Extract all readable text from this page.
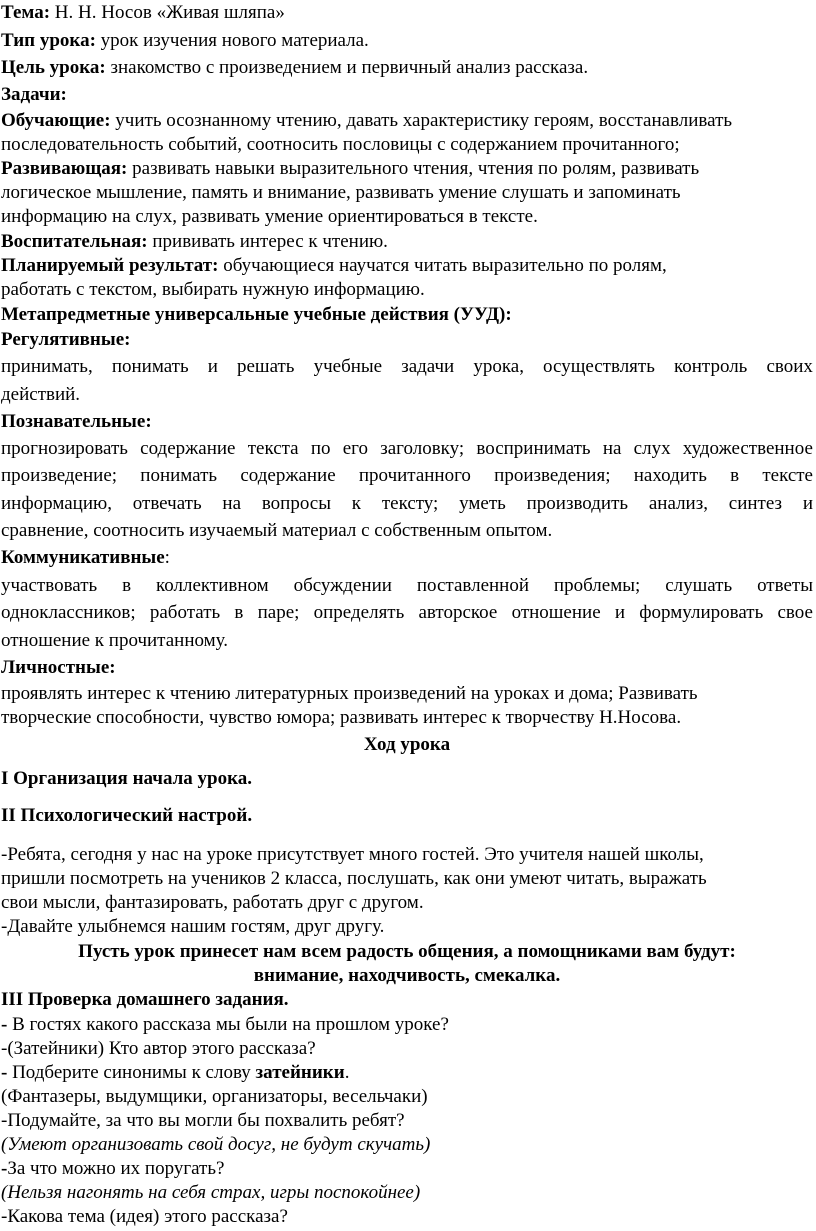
Тема: Н. Н. Носов «Живая шляпа»
Тип урока: урок изучения нового материала.
Цель урока: знакомство с произведением и первичный анализ рассказа.
Задачи:
Обучающие: учить осознанному чтению, давать характеристику героям, восстанавливать
последовательность событий, соотносить пословицы с содержанием прочитанного;
Развивающая: развивать навыки выразительного чтения, чтения по ролям, развивать
логическое мышление, память и внимание, развивать умение слушать и запоминать
информацию на слух, развивать умение ориентироваться в тексте.
Воспитательная: прививать интерес к чтению.
Планируемый результат: обучающиеся научатся читать выразительно по ролям,
работать с текстом, выбирать нужную информацию.
Метапредметные универсальные учебные действия (УУД):
Регулятивные:
принимать, понимать и решать учебные задачи урока, осуществлять контроль своих
действий.
Познавательные:
прогнозировать содержание текста по его заголовку; воспринимать на слух художественное
произведение; понимать содержание прочитанного произведения; находить в тексте
информацию, отвечать на вопросы к тексту; уметь производить анализ, синтез и
сравнение, соотносить изучаемый материал с собственным опытом.
Коммуникативные:
участвовать в коллективном обсуждении поставленной проблемы; слушать ответы
одноклассников; работать в паре; определять авторское отношение и формулировать свое
отношение к прочитанному.
Личностные:
проявлять интерес к чтению литературных произведений на уроках и дома; Развивать
творческие способности, чувство юмора; развивать интерес к творчеству Н.Носова.
Ход урока
I Организация начала урока.
II Психологический настрой.
-Ребята, сегодня у нас на уроке присутствует много гостей. Это учителя нашей школы,
пришли посмотреть на учеников 2 класса, послушать, как они умеют читать, выражать
свои мысли, фантазировать, работать друг с другом.
-Давайте улыбнемся нашим гостям, друг другу.
Пусть урок принесет нам всем радость общения, а помощниками вам будут:
внимание, находчивость, смекалка.
III Проверка домашнего задания.
- В гостях какого рассказа мы были на прошлом уроке?
-(Затейники) Кто автор этого рассказа?
- Подберите синонимы к слову затейники.
(Фантазеры, выдумщики, организаторы, весельчаки)
-Подумайте, за что вы могли бы похвалить ребят?
(Умеют организовать свой досуг, не будут скучать)
-За что можно их поругать?
(Нельзя нагонять на себя страх, игры поспокойнее)
-Какова тема (идея) этого рассказа?
